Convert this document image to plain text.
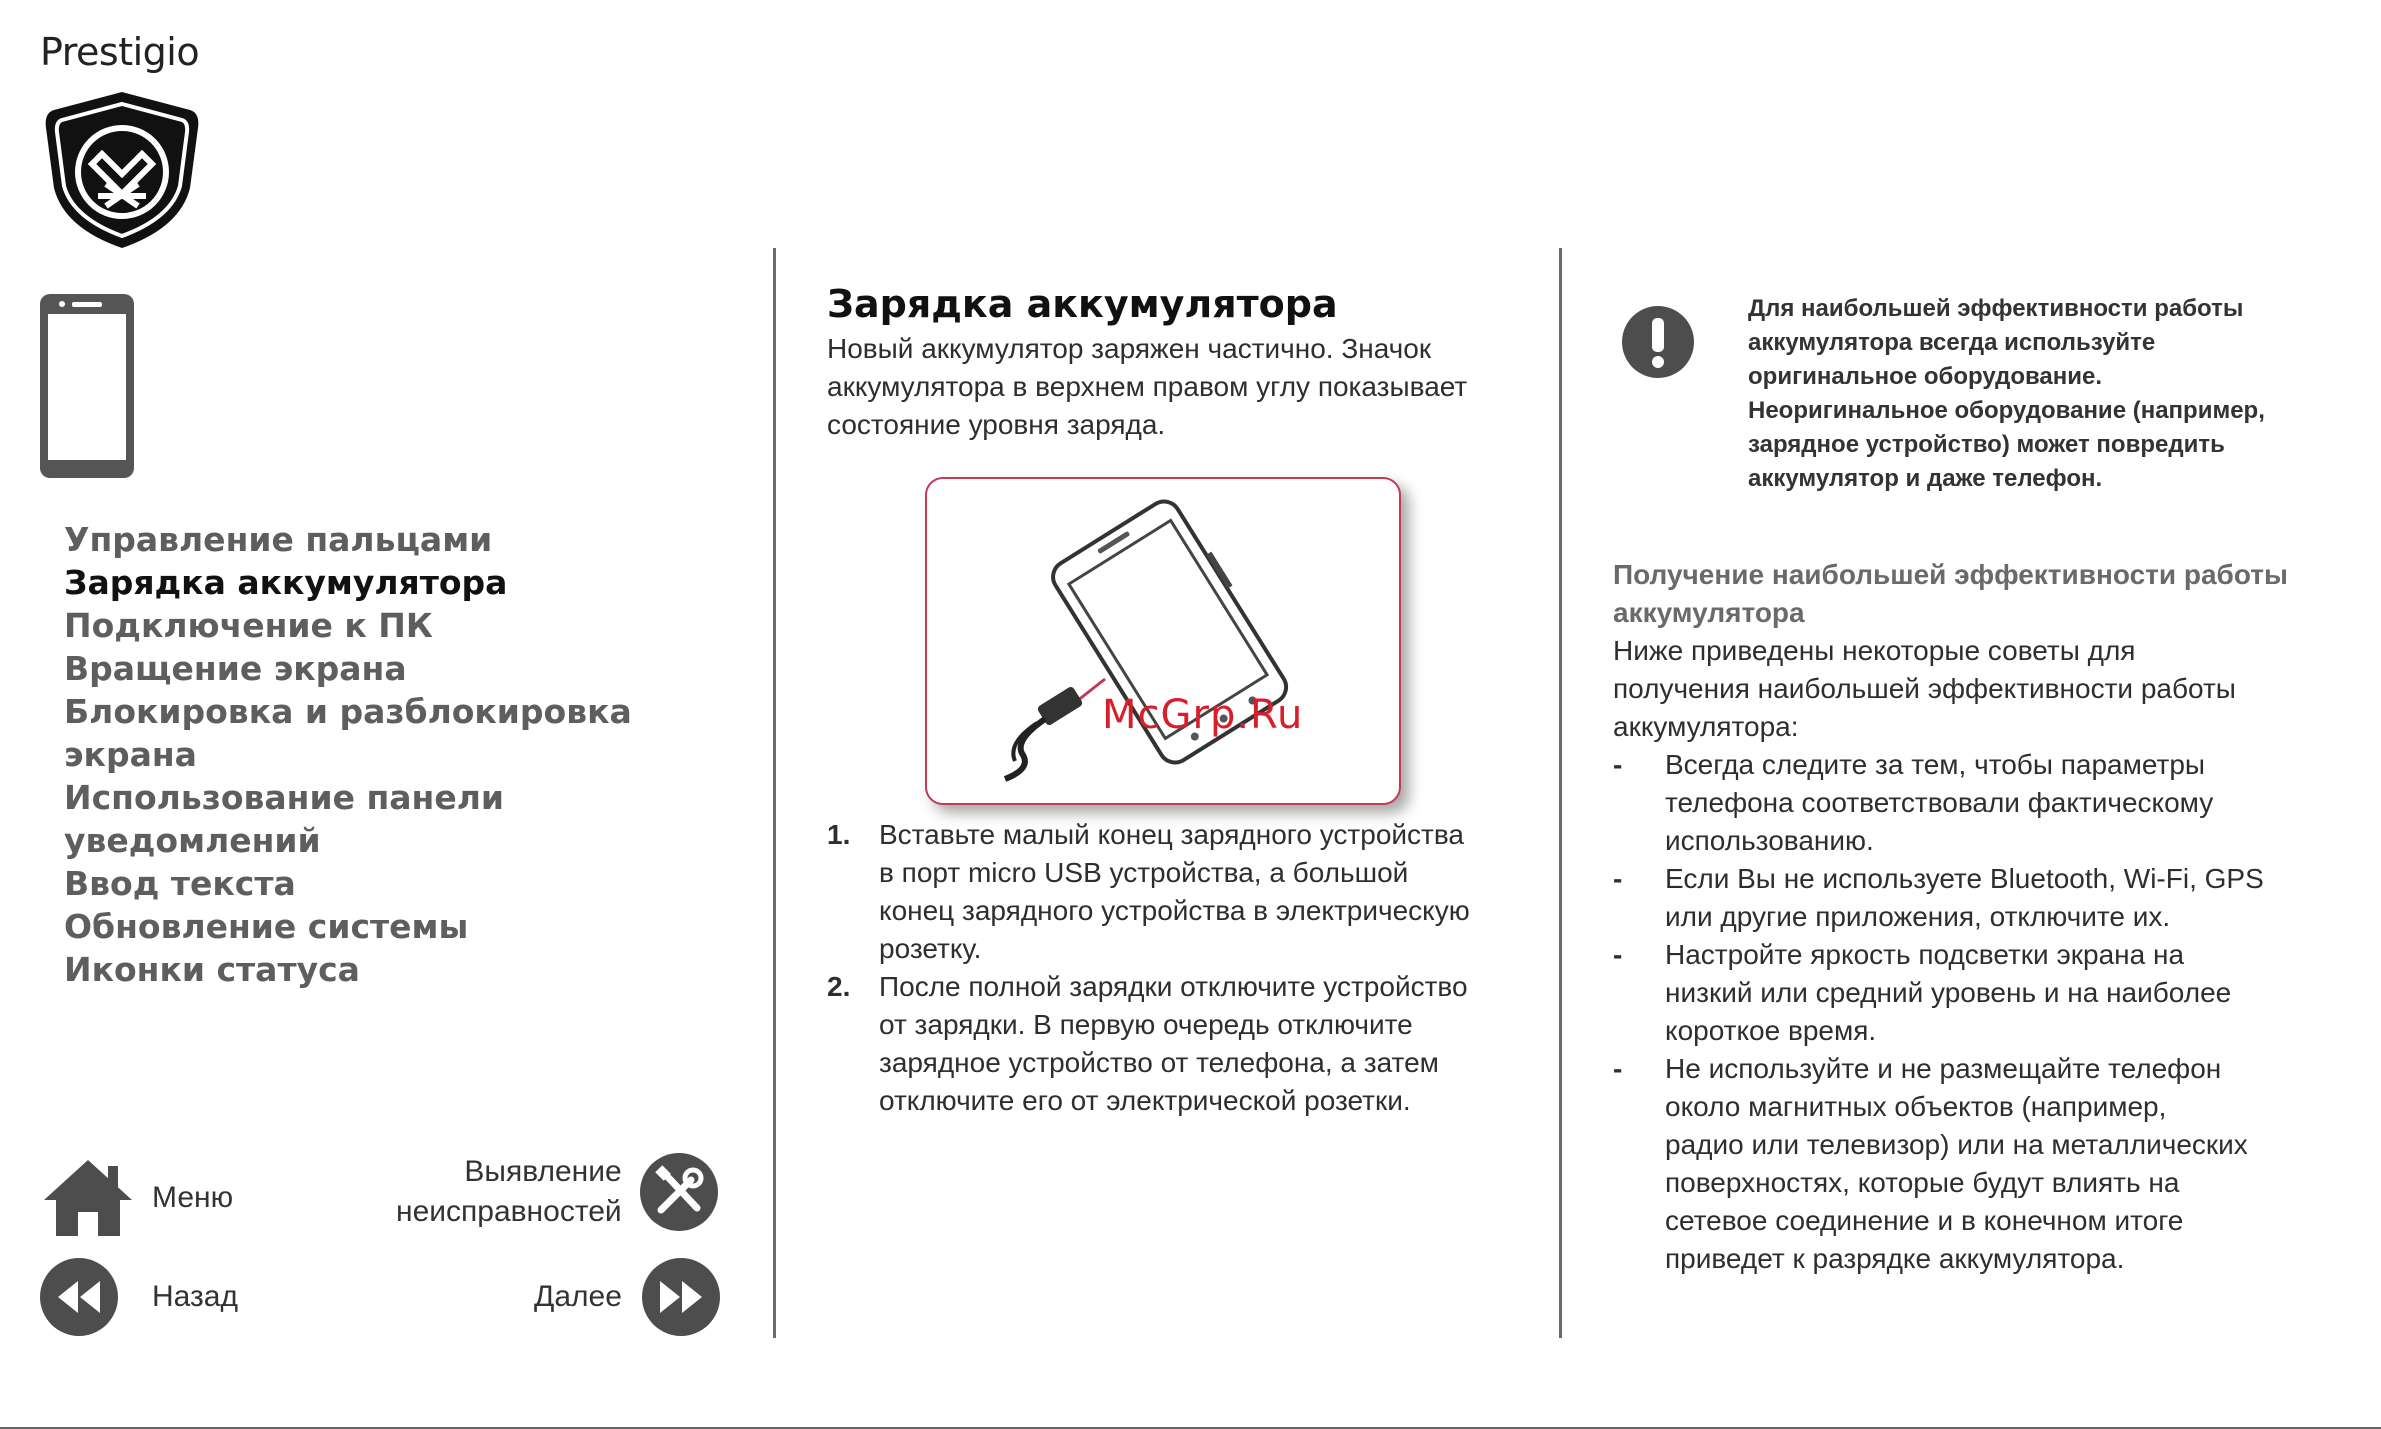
Prestigio
Управление пальцами
Зарядка аккумулятора
Подключение к ПК
Вращение экрана
Блокировка и разблокировка экрана
Использование панели
уведомлений
Ввод текста
Обновление системы
Иконки статуса
Меню
Выявление
неисправностей
Назад	Далее
Зарядка аккумулятора
Новый аккумулятор заряжен частично. Значок
аккумулятора в верхнем правом углу показывает
состояние уровня заряда.
McGrp.Ru
1.	Вставьте малый конец зарядного устройства
в порт micro USB устройства, а большой
конец зарядного устройства в электрическую
розетку.
2.	После полной зарядки отключите устройство
от зарядки. В первую очередь отключите
зарядное устройство от телефона, а затем
отключите его от электрической розетки.
Для наибольшей эффективности работы
аккумулятора всегда используйте
оригинальное оборудование.
Неоригинальное оборудование (например,
зарядное устройство) может повредить
аккумулятор и даже телефон.
Получение наибольшей эффективности работы
аккумулятора
Ниже приведены некоторые советы для
получения наибольшей эффективности работы
аккумулятора:
-	Всегда следите за тем, чтобы параметры
телефона соответствовали фактическому
использованию.
-	Если Вы не используете Bluetooth, Wi-Fi, GPS
или другие приложения, отключите их.
-	Настройте яркость подсветки экрана на
низкий или средний уровень и на наиболее
короткое время.
-	Не используйте и не размещайте телефон
около магнитных объектов (например,
радио или телевизор) или на металлических
поверхностях, которые будут влиять на
сетевое соединение и в конечном итоге
приведет к разрядке аккумулятора.
